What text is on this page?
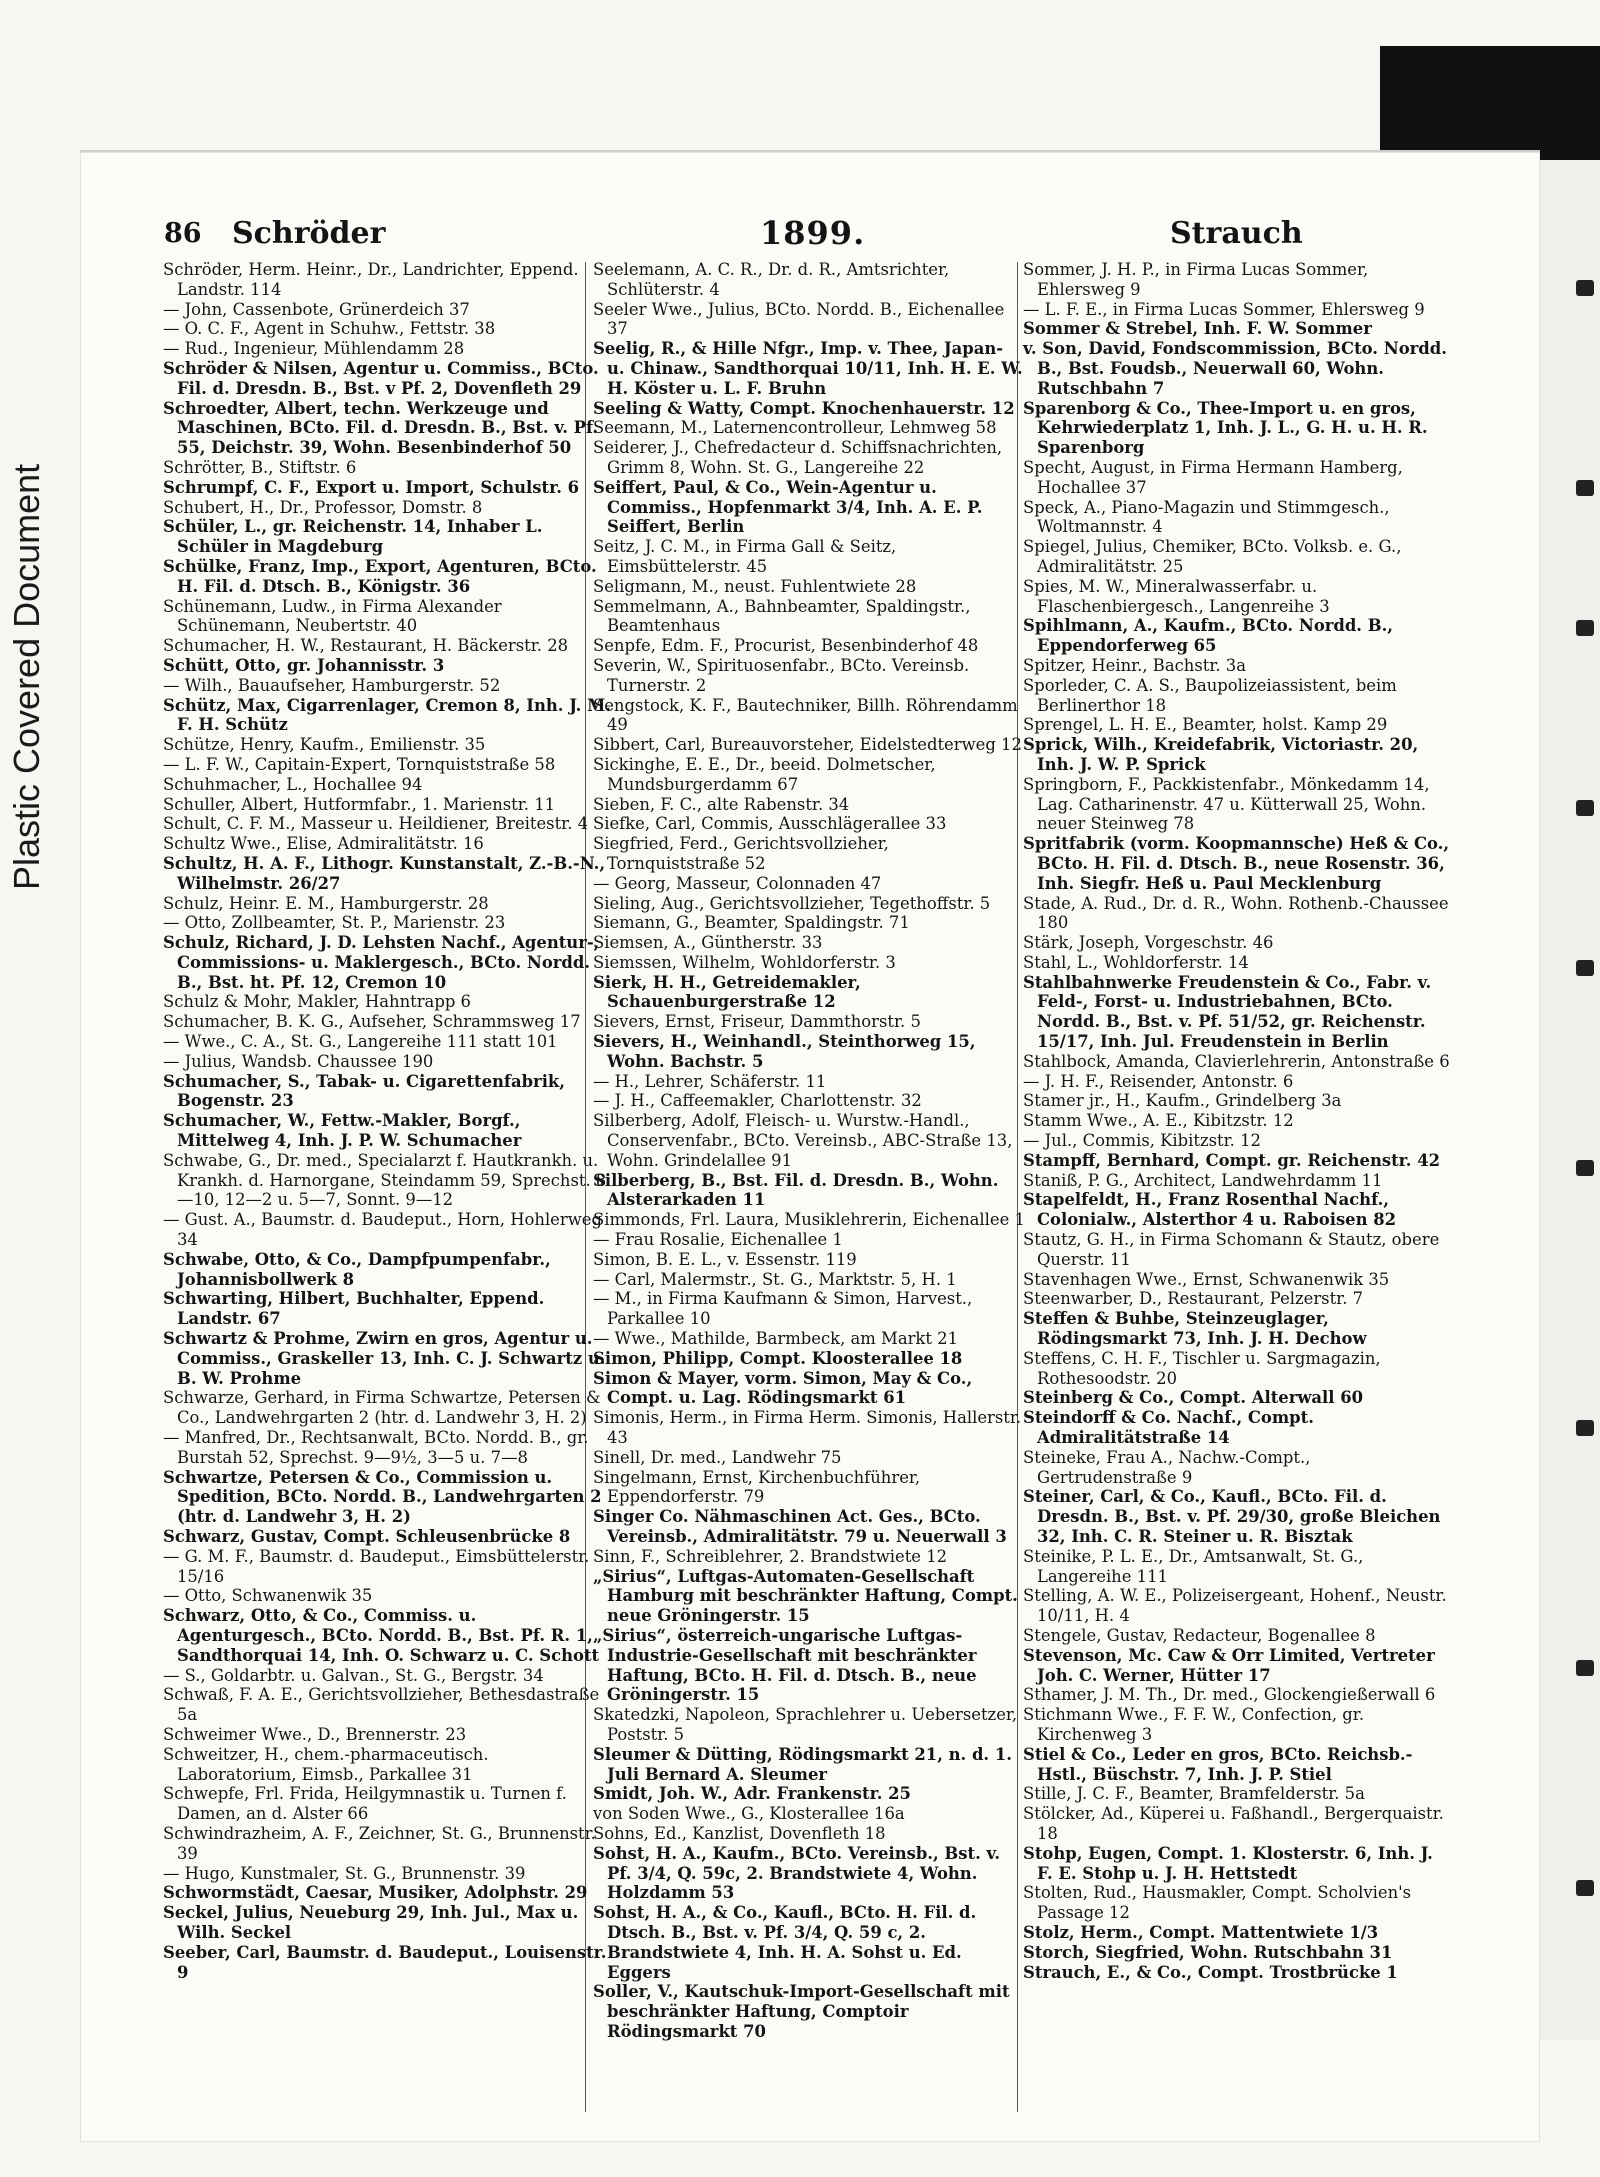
Plastic Covered Document
86 Schröder	1899.	Strauch

Schröder, Herm. Heinr., Dr., Landrichter, Eppend. Landstr. 114

— John, Cassenbote, Grünerdeich 37

— O. C. F., Agent in Schuhw., Fettstr. 38

— Rud., Ingenieur, Mühlendamm 28

Schröder & Nilsen, Agentur u. Commiss., BCto. Fil. d. Dresdn. B., Bst. v Pf. 2, Dovenfleth 29

Schroedter, Albert, techn. Werkzeuge und Maschinen, BCto. Fil. d. Dresdn. B., Bst. v. Pf. 55, Deichstr. 39, Wohn. Besenbinderhof 50

Schrötter, B., Stiftstr. 6

Schrumpf, C. F., Export u. Import, Schulstr. 6

Schubert, H., Dr., Professor, Domstr. 8

Schüler, L., gr. Reichenstr. 14, Inhaber L. Schüler in Magdeburg

Schülke, Franz, Imp., Export, Agenturen, BCto. H. Fil. d. Dtsch. B., Königstr. 36

Schünemann, Ludw., in Firma Alexander Schünemann, Neubertstr. 40

Schumacher, H. W., Restaurant, H. Bäckerstr. 28

Schütt, Otto, gr. Johannisstr. 3

— Wilh., Bauaufseher, Hamburgerstr. 52

Schütz, Max, Cigarrenlager, Cremon 8, Inh. J. M. F. H. Schütz

Schütze, Henry, Kaufm., Emilienstr. 35

— L. F. W., Capitain-Expert, Tornquiststraße 58

Schuhmacher, L., Hochallee 94

Schuller, Albert, Hutformfabr., 1. Marienstr. 11

Schult, C. F. M., Masseur u. Heildiener, Breitestr. 4

Schultz Wwe., Elise, Admiralitätstr. 16

Schultz, H. A. F., Lithogr. Kunstanstalt, Z.-B.-N., Wilhelmstr. 26/27

Schulz, Heinr. E. M., Hamburgerstr. 28

— Otto, Zollbeamter, St. P., Marienstr. 23

Schulz, Richard, J. D. Lehsten Nachf., Agentur-, Commissions- u. Maklergesch., BCto. Nordd. B., Bst. ht. Pf. 12, Cremon 10

Schulz & Mohr, Makler, Hahntrapp 6

Schumacher, B. K. G., Aufseher, Schrammsweg 17

— Wwe., C. A., St. G., Langereihe 111 statt 101

— Julius, Wandsb. Chaussee 190

Schumacher, S., Tabak- u. Cigarettenfabrik, Bogenstr. 23

Schumacher, W., Fettw.-Makler, Borgf., Mittelweg 4, Inh. J. P. W. Schumacher

Schwabe, G., Dr. med., Specialarzt f. Hautkrankh. u. Krankh. d. Harnorgane, Steindamm 59, Sprechst. 8—10, 12—2 u. 5—7, Sonnt. 9—12

— Gust. A., Baumstr. d. Baudeput., Horn, Hohlerweg 34

Schwabe, Otto, & Co., Dampfpumpenfabr., Johannisbollwerk 8

Schwarting, Hilbert, Buchhalter, Eppend. Landstr. 67

Schwartz & Prohme, Zwirn en gros, Agentur u. Commiss., Graskeller 13, Inh. C. J. Schwartz u. B. W. Prohme

Schwarze, Gerhard, in Firma Schwartze, Petersen & Co., Landwehrgarten 2 (htr. d. Landwehr 3, H. 2)

— Manfred, Dr., Rechtsanwalt, BCto. Nordd. B., gr. Burstah 52, Sprechst. 9—9½, 3—5 u. 7—8

Schwartze, Petersen & Co., Commission u. Spedition, BCto. Nordd. B., Landwehrgarten 2 (htr. d. Landwehr 3, H. 2)

Schwarz, Gustav, Compt. Schleusenbrücke 8

— G. M. F., Baumstr. d. Baudeput., Eimsbüttelerstr. 15/16

— Otto, Schwanenwik 35

Schwarz, Otto, & Co., Commiss. u. Agenturgesch., BCto. Nordd. B., Bst. Pf. R. 1, Sandthorquai 14, Inh. O. Schwarz u. C. Schott

— S., Goldarbtr. u. Galvan., St. G., Bergstr. 34

Schwaß, F. A. E., Gerichtsvollzieher, Bethesdastraße 5a

Schweimer Wwe., D., Brennerstr. 23

Schweitzer, H., chem.-pharmaceutisch. Laboratorium, Eimsb., Parkallee 31

Schwepfe, Frl. Frida, Heilgymnastik u. Turnen f. Damen, an d. Alster 66

Schwindrazheim, A. F., Zeichner, St. G., Brunnenstr. 39

— Hugo, Kunstmaler, St. G., Brunnenstr. 39

Schwormstädt, Caesar, Musiker, Adolphstr. 29

Seckel, Julius, Neueburg 29, Inh. Jul., Max u. Wilh. Seckel

Seeber, Carl, Baumstr. d. Baudeput., Louisenstr. 9

Seelemann, A. C. R., Dr. d. R., Amtsrichter, Schlüterstr. 4

Seeler Wwe., Julius, BCto. Nordd. B., Eichenallee 37

Seelig, R., & Hille Nfgr., Imp. v. Thee, Japan- u. Chinaw., Sandthorquai 10/11, Inh. H. E. W. H. Köster u. L. F. Bruhn

Seeling & Watty, Compt. Knochenhauerstr. 12

Seemann, M., Laternencontrolleur, Lehmweg 58

Seiderer, J., Chefredacteur d. Schiffsnachrichten, Grimm 8, Wohn. St. G., Langereihe 22

Seiffert, Paul, & Co., Wein-Agentur u. Commiss., Hopfenmarkt 3/4, Inh. A. E. P. Seiffert, Berlin

Seitz, J. C. M., in Firma Gall & Seitz, Eimsbüttelerstr. 45

Seligmann, M., neust. Fuhlentwiete 28

Semmelmann, A., Bahnbeamter, Spaldingstr., Beamtenhaus

Senpfe, Edm. F., Procurist, Besenbinderhof 48

Severin, W., Spirituosenfabr., BCto. Vereinsb. Turnerstr. 2

Sengstock, K. F., Bautechniker, Billh. Röhrendamm 49

Sibbert, Carl, Bureauvorsteher, Eidelstedterweg 12

Sickinghe, E. E., Dr., beeid. Dolmetscher, Mundsburgerdamm 67

Sieben, F. C., alte Rabenstr. 34

Siefke, Carl, Commis, Ausschlägerallee 33

Siegfried, Ferd., Gerichtsvollzieher, Tornquiststraße 52

— Georg, Masseur, Colonnaden 47

Sieling, Aug., Gerichtsvollzieher, Tegethoffstr. 5

Siemann, G., Beamter, Spaldingstr. 71

Siemsen, A., Güntherstr. 33

Siemssen, Wilhelm, Wohldorferstr. 3

Sierk, H. H., Getreidemakler, Schauenburgerstraße 12

Sievers, Ernst, Friseur, Dammthorstr. 5

Sievers, H., Weinhandl., Steinthorweg 15, Wohn. Bachstr. 5

— H., Lehrer, Schäferstr. 11

— J. H., Caffeemakler, Charlottenstr. 32

Silberberg, Adolf, Fleisch- u. Wurstw.-Handl., Conservenfabr., BCto. Vereinsb., ABC-Straße 13, Wohn. Grindelallee 91

Silberberg, B., Bst. Fil. d. Dresdn. B., Wohn. Alsterarkaden 11

Simmonds, Frl. Laura, Musiklehrerin, Eichenallee 1

— Frau Rosalie, Eichenallee 1

Simon, B. E. L., v. Essenstr. 119

— Carl, Malermstr., St. G., Marktstr. 5, H. 1

— M., in Firma Kaufmann & Simon, Harvest., Parkallee 10

— Wwe., Mathilde, Barmbeck, am Markt 21

Simon, Philipp, Compt. Kloosterallee 18

Simon & Mayer, vorm. Simon, May & Co., Compt. u. Lag. Rödingsmarkt 61

Simonis, Herm., in Firma Herm. Simonis, Hallerstr. 43

Sinell, Dr. med., Landwehr 75

Singelmann, Ernst, Kirchenbuchführer, Eppendorferstr. 79

Singer Co. Nähmaschinen Act. Ges., BCto. Vereinsb., Admiralitätstr. 79 u. Neuerwall 3

Sinn, F., Schreiblehrer, 2. Brandstwiete 12

„Sirius“, Luftgas-Automaten-Gesellschaft Hamburg mit beschränkter Haftung, Compt. neue Gröningerstr. 15

„Sirius“, österreich-ungarische Luftgas-Industrie-Gesellschaft mit beschränkter Haftung, BCto. H. Fil. d. Dtsch. B., neue Gröningerstr. 15

Skatedzki, Napoleon, Sprachlehrer u. Uebersetzer, Poststr. 5

Sleumer & Dütting, Rödingsmarkt 21, n. d. 1. Juli Bernard A. Sleumer

Smidt, Joh. W., Adr. Frankenstr. 25

von Soden Wwe., G., Klosterallee 16a

Sohns, Ed., Kanzlist, Dovenfleth 18

Sohst, H. A., Kaufm., BCto. Vereinsb., Bst. v. Pf. 3/4, Q. 59c, 2. Brandstwiete 4, Wohn. Holzdamm 53

Sohst, H. A., & Co., Kaufl., BCto. H. Fil. d. Dtsch. B., Bst. v. Pf. 3/4, Q. 59 c, 2. Brandstwiete 4, Inh. H. A. Sohst u. Ed. Eggers

Soller, V., Kautschuk-Import-Gesellschaft mit beschränkter Haftung, Comptoir Rödingsmarkt 70

Sommer, J. H. P., in Firma Lucas Sommer, Ehlersweg 9

— L. F. E., in Firma Lucas Sommer, Ehlersweg 9

Sommer & Strebel, Inh. F. W. Sommer

v. Son, David, Fondscommission, BCto. Nordd. B., Bst. Foudsb., Neuerwall 60, Wohn. Rutschbahn 7

Sparenborg & Co., Thee-Import u. en gros, Kehrwiederplatz 1, Inh. J. L., G. H. u. H. R. Sparenborg

Specht, August, in Firma Hermann Hamberg, Hochallee 37

Speck, A., Piano-Magazin und Stimmgesch., Woltmannstr. 4

Spiegel, Julius, Chemiker, BCto. Volksb. e. G., Admiralitätstr. 25

Spies, M. W., Mineralwasserfabr. u. Flaschenbiergesch., Langenreihe 3

Spihlmann, A., Kaufm., BCto. Nordd. B., Eppendorferweg 65

Spitzer, Heinr., Bachstr. 3a

Sporleder, C. A. S., Baupolizeiassistent, beim Berlinerthor 18

Sprengel, L. H. E., Beamter, holst. Kamp 29

Sprick, Wilh., Kreidefabrik, Victoriastr. 20, Inh. J. W. P. Sprick

Springborn, F., Packkistenfabr., Mönkedamm 14, Lag. Catharinenstr. 47 u. Kütterwall 25, Wohn. neuer Steinweg 78

Spritfabrik (vorm. Koopmannsche) Heß & Co., BCto. H. Fil. d. Dtsch. B., neue Rosenstr. 36, Inh. Siegfr. Heß u. Paul Mecklenburg

Stade, A. Rud., Dr. d. R., Wohn. Rothenb.-Chaussee 180

Stärk, Joseph, Vorgeschstr. 46

Stahl, L., Wohldorferstr. 14

Stahlbahnwerke Freudenstein & Co., Fabr. v. Feld-, Forst- u. Industriebahnen, BCto. Nordd. B., Bst. v. Pf. 51/52, gr. Reichenstr. 15/17, Inh. Jul. Freudenstein in Berlin

Stahlbock, Amanda, Clavierlehrerin, Antonstraße 6

— J. H. F., Reisender, Antonstr. 6

Stamer jr., H., Kaufm., Grindelberg 3a

Stamm Wwe., A. E., Kibitzstr. 12

— Jul., Commis, Kibitzstr. 12

Stampff, Bernhard, Compt. gr. Reichenstr. 42

Staniß, P. G., Architect, Landwehrdamm 11

Stapelfeldt, H., Franz Rosenthal Nachf., Colonialw., Alsterthor 4 u. Raboisen 82

Stautz, G. H., in Firma Schomann & Stautz, obere Querstr. 11

Stavenhagen Wwe., Ernst, Schwanenwik 35

Steenwarber, D., Restaurant, Pelzerstr. 7

Steffen & Buhbe, Steinzeuglager, Rödingsmarkt 73, Inh. J. H. Dechow

Steffens, C. H. F., Tischler u. Sargmagazin, Rothesoodstr. 20

Steinberg & Co., Compt. Alterwall 60

Steindorff & Co. Nachf., Compt. Admiralitätstraße 14

Steineke, Frau A., Nachw.-Compt., Gertrudenstraße 9

Steiner, Carl, & Co., Kaufl., BCto. Fil. d. Dresdn. B., Bst. v. Pf. 29/30, große Bleichen 32, Inh. C. R. Steiner u. R. Bisztak

Steinike, P. L. E., Dr., Amtsanwalt, St. G., Langereihe 111

Stelling, A. W. E., Polizeisergeant, Hohenf., Neustr. 10/11, H. 4

Stengele, Gustav, Redacteur, Bogenallee 8

Stevenson, Mc. Caw & Orr Limited, Vertreter Joh. C. Werner, Hütter 17

Sthamer, J. M. Th., Dr. med., Glockengießerwall 6

Stichmann Wwe., F. F. W., Confection, gr. Kirchenweg 3

Stiel & Co., Leder en gros, BCto. Reichsb.-Hstl., Büschstr. 7, Inh. J. P. Stiel

Stille, J. C. F., Beamter, Bramfelderstr. 5a

Stölcker, Ad., Küperei u. Faßhandl., Bergerquaistr. 18

Stohp, Eugen, Compt. 1. Klosterstr. 6, Inh. J. F. E. Stohp u. J. H. Hettstedt

Stolten, Rud., Hausmakler, Compt. Scholvien's Passage 12

Stolz, Herm., Compt. Mattentwiete 1/3

Storch, Siegfried, Wohn. Rutschbahn 31

Strauch, E., & Co., Compt. Trostbrücke 1
